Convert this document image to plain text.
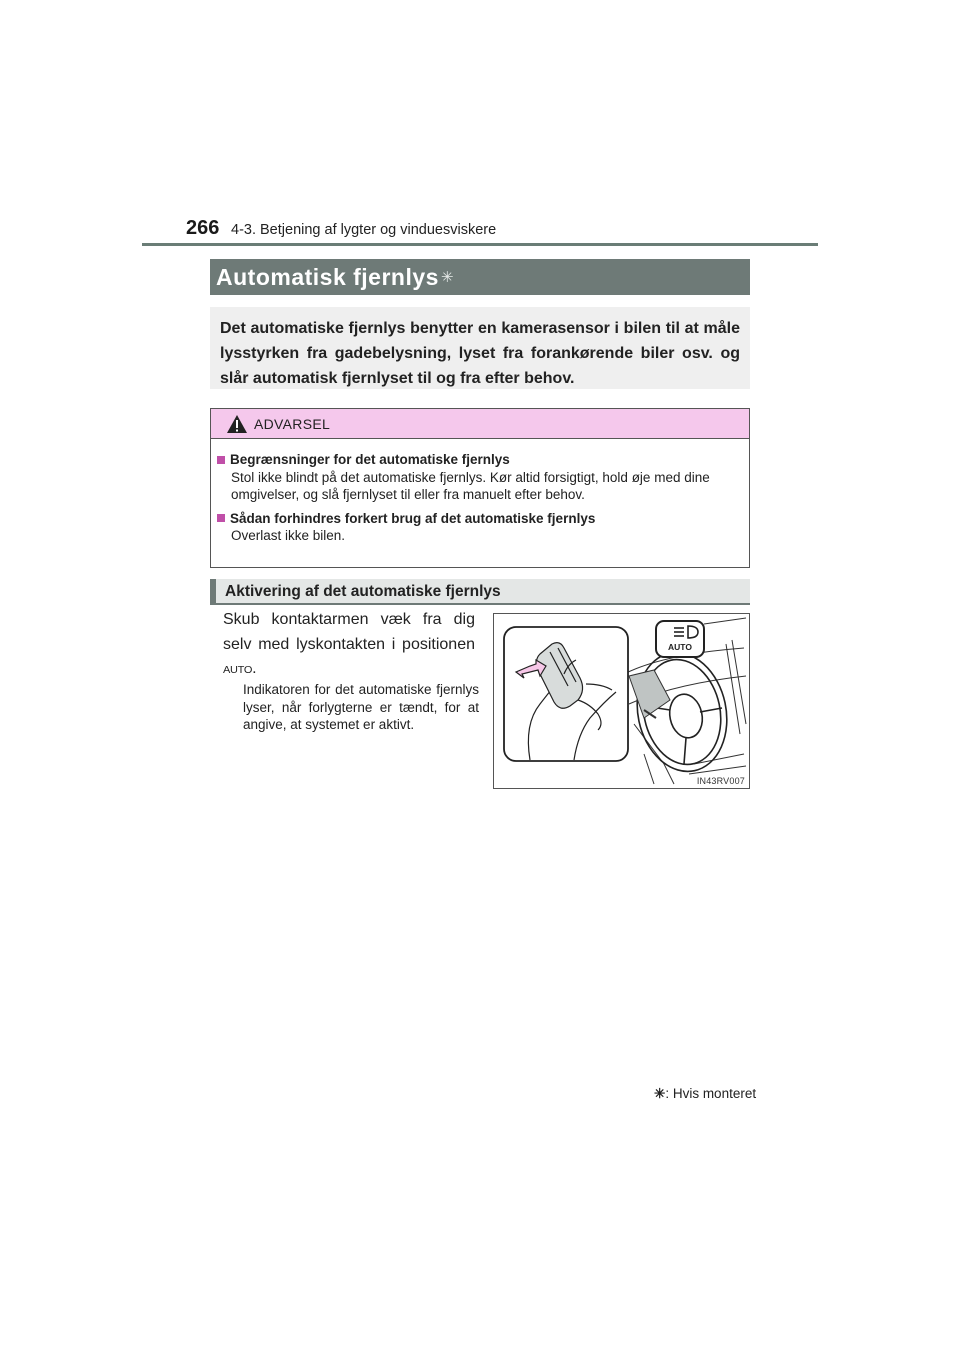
266 4-3. Betjening af lygter og vinduesviskere
Automatisk fjernlys ✳
Det automatiske fjernlys benytter en kamerasensor i bilen til at måle lysstyrken fra gadebelysning, lyset fra forankørende biler osv. og slår automatisk fjernlyset til og fra efter behov.
ADVARSEL
Begrænsninger for det automatiske fjernlys
Stol ikke blindt på det automatiske fjernlys. Kør altid forsigtigt, hold øje med dine omgivelser, og slå fjernlyset til eller fra manuelt efter behov.
Sådan forhindres forkert brug af det automatiske fjernlys
Overlast ikke bilen.
Aktivering af det automatiske fjernlys
Skub kontaktarmen væk fra dig selv med lyskontakten i positionen
AUTO.
Indikatoren for det automatiske fjernlys lyser, når forlygterne er tændt, for at angive, at systemet er aktivt.
AUTO
IN43RV007
✳: Hvis monteret
